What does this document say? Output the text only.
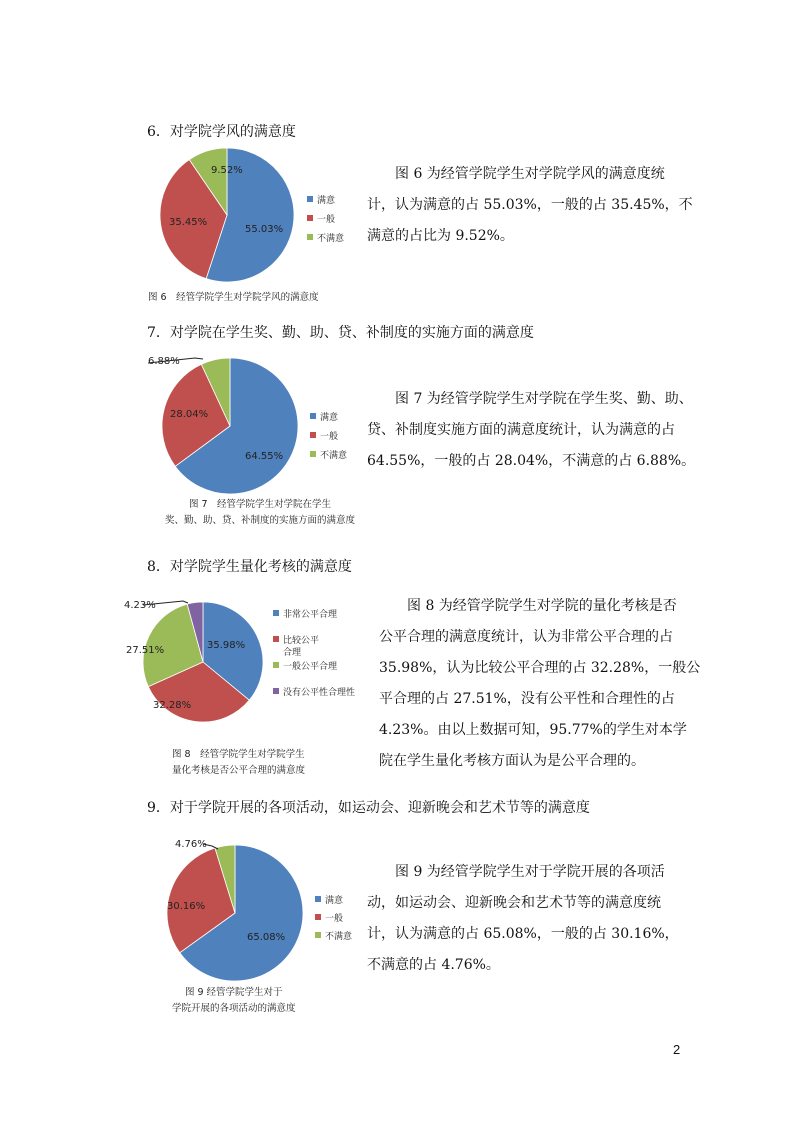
6．对学院学风的满意度
55.03%
35.45%
9.52%
满意
一般
不满意
图 6　经管学院学生对学院学风的满意度
图 6 为经管学院学生对学院学风的满意度统
计，认为满意的占 55.03%，一般的占 35.45%，不
满意的占比为 9.52%。
7．对学院在学生奖、勤、助、贷、补制度的实施方面的满意度
64.55%
28.04%
6.88%
满意
一般
不满意
图 7　经管学院学生对学院在学生
奖、勤、助、贷、补制度的实施方面的满意度
图 7 为经管学院学生对学院在学生奖、勤、助、
贷、补制度实施方面的满意度统计，认为满意的占
64.55%，一般的占 28.04%，不满意的占 6.88%。
8．对学院学生量化考核的满意度
35.98%
32.28%
27.51%
4.23%
非常公平合理
比较公平合理
一般公平合理
没有公平性合理性
图 8　经管学院学生对学院学生
量化考核是否公平合理的满意度
图 8 为经管学院学生对学院的量化考核是否
公平合理的满意度统计，认为非常公平合理的占
35.98%，认为比较公平合理的占 32.28%，一般公
平合理的占 27.51%，没有公平性和合理性的占
4.23%。由以上数据可知，95.77%的学生对本学
院在学生量化考核方面认为是公平合理的。
9．对于学院开展的各项活动，如运动会、迎新晚会和艺术节等的满意度
65.08%
30.16%
4.76%
满意
一般
不满意
图 9 经管学院学生对于
学院开展的各项活动的满意度
图 9 为经管学院学生对于学院开展的各项活
动，如运动会、迎新晚会和艺术节等的满意度统
计，认为满意的占 65.08%，一般的占 30.16%，
不满意的占 4.76%。
2
